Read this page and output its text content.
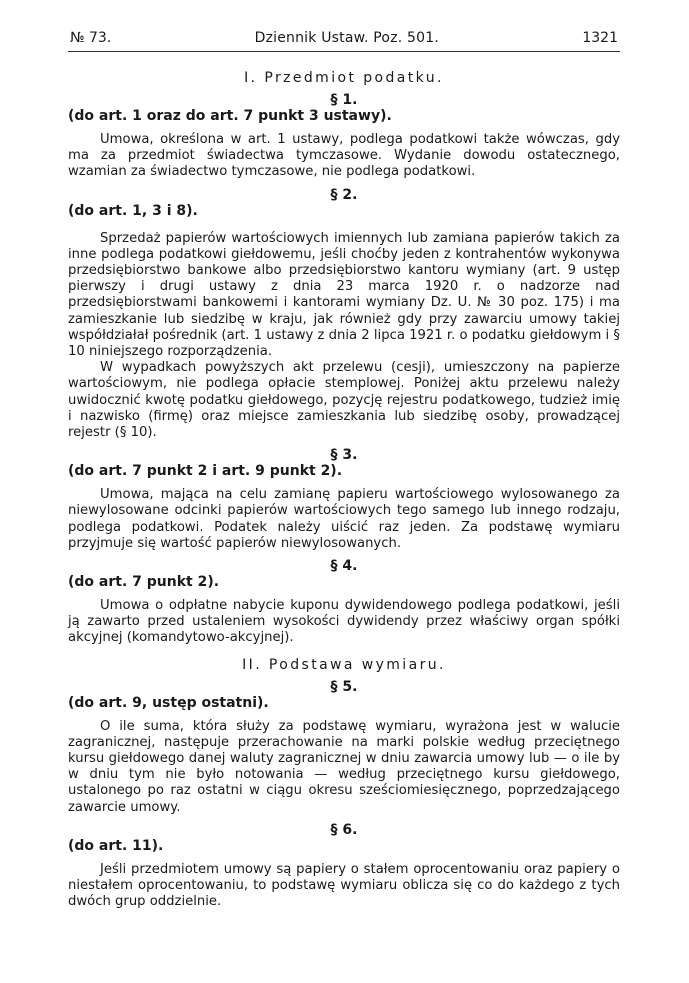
№ 73.	Dziennik Ustaw. Poz. 501.	1321
I. Przedmiot podatku.
§ 1.
(do art. 1 oraz do art. 7 punkt 3 ustawy).

Umowa, określona w art. 1 ustawy, podlega podatkowi także wówczas, gdy ma za przedmiot świadectwa tymczasowe. Wydanie dowodu ostatecznego, wzamian za świadectwo tymczasowe, nie podlega podatkowi.

§ 2.
(do art. 1, 3 i 8).

Sprzedaż papierów wartościowych imiennych lub zamiana papierów takich za inne podlega podatkowi giełdowemu, jeśli choćby jeden z kontrahentów wykonywa przedsiębiorstwo bankowe albo przedsiębiorstwo kantoru wymiany (art. 9 ustęp pierwszy i drugi ustawy z dnia 23 marca 1920 r. o nadzorze nad przedsiębiorstwami bankowemi i kantorami wymiany Dz. U. № 30 poz. 175) i ma zamieszkanie lub siedzibę w kraju, jak również gdy przy zawarciu umowy takiej współdziałał pośrednik (art. 1 ustawy z dnia 2 lipca 1921 r. o podatku giełdowym i § 10 niniejszego rozporządzenia.

W wypadkach powyższych akt przelewu (cesji), umieszczony na papierze wartościowym, nie podlega opłacie stemplowej. Poniżej aktu przelewu należy uwidocznić kwotę podatku giełdowego, pozycję rejestru podatkowego, tudzież imię i nazwisko (firmę) oraz miejsce zamieszkania lub siedzibę osoby, prowadzącej rejestr (§ 10).

§ 3.
(do art. 7 punkt 2 i art. 9 punkt 2).

Umowa, mająca na celu zamianę papieru wartościowego wylosowanego za niewylosowane odcinki papierów wartościowych tego samego lub innego rodzaju, podlega podatkowi. Podatek należy uiścić raz jeden. Za podstawę wymiaru przyjmuje się wartość papierów niewylosowanych.

§ 4.
(do art. 7 punkt 2).

Umowa o odpłatne nabycie kuponu dywidendowego podlega podatkowi, jeśli ją zawarto przed ustaleniem wysokości dywidendy przez właściwy organ spółki akcyjnej (komandytowo-akcyjnej).

II. Podstawa wymiaru.
§ 5.
(do art. 9, ustęp ostatni).

O ile suma, która służy za podstawę wymiaru, wyrażona jest w walucie zagranicznej, następuje przerachowanie na marki polskie według przeciętnego kursu giełdowego danej waluty zagranicznej w dniu zawarcia umowy lub — o ile by w dniu tym nie było notowania — według przeciętnego kursu giełdowego, ustalonego po raz ostatni w ciągu okresu sześciomiesięcznego, poprzedzającego zawarcie umowy.

§ 6.
(do art. 11).

Jeśli przedmiotem umowy są papiery o stałem oprocentowaniu oraz papiery o niestałem oprocentowaniu, to podstawę wymiaru oblicza się co do każdego z tych dwóch grup oddzielnie.
